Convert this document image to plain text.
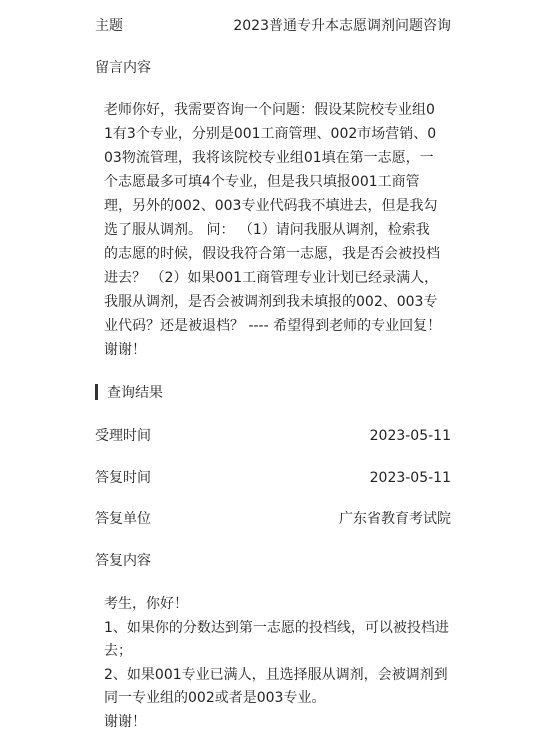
主题	2023普通专升本志愿调剂问题咨询
留言内容
老师你好，我需要咨询一个问题：假设某院校专业组01有3个专业，分别是001工商管理、002市场营销、003物流管理，我将该院校专业组01填在第一志愿，一个志愿最多可填4个专业，但是我只填报001工商管理，另外的002、003专业代码我不填进去，但是我勾选了服从调剂。 问： （1）请问我服从调剂，检索我的志愿的时候，假设我符合第一志愿，我是否会被投档进去？ （2）如果001工商管理专业计划已经录满人，我服从调剂，是否会被调剂到我未填报的002、003专业代码？还是被退档？ ---- 希望得到老师的专业回复！谢谢！
查询结果
受理时间	2023-05-11
答复时间	2023-05-11
答复单位	广东省教育考试院
答复内容

考生，你好！

1、如果你的分数达到第一志愿的投档线，可以被投档进去；

2、如果001专业已满人，且选择服从调剂，会被调剂到同一专业组的002或者是003专业。

谢谢！
